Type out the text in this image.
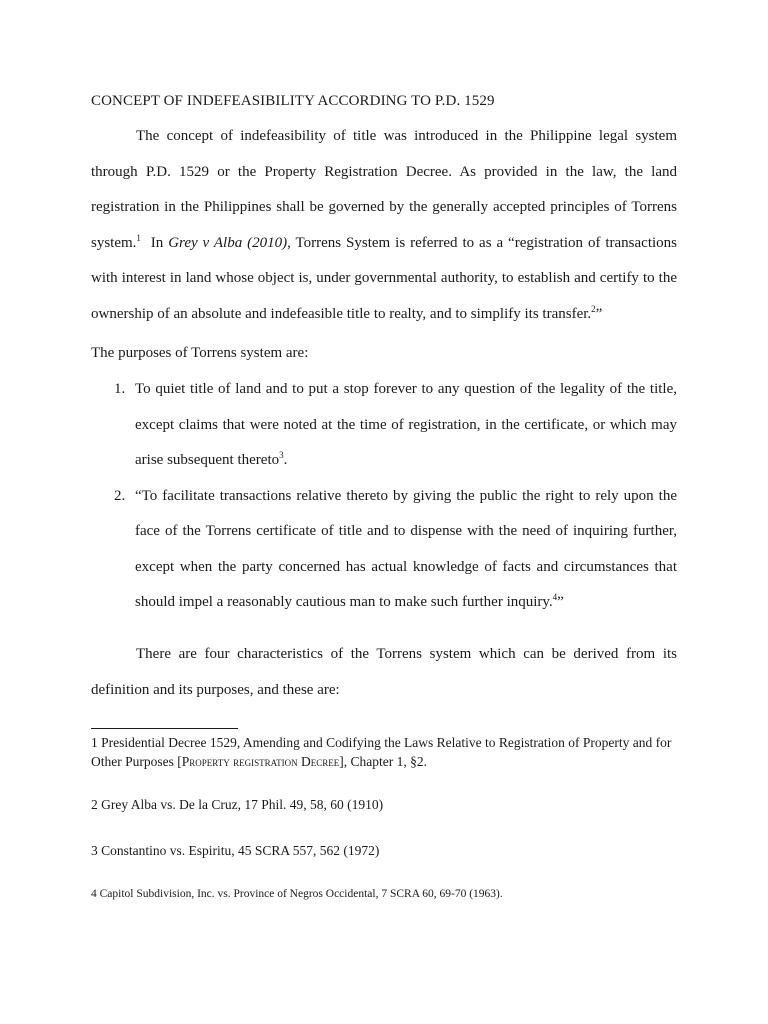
CONCEPT OF INDEFEASIBILITY ACCORDING TO P.D. 1529

The concept of indefeasibility of title was introduced in the Philippine legal system through P.D. 1529 or the Property Registration Decree. As provided in the law, the land registration in the Philippines shall be governed by the generally accepted principles of Torrens system.$^1$  In Grey v Alba (2010), Torrens System is referred to as a “registration of transactions with interest in land whose object is, under governmental authority, to establish and certify to the ownership of an absolute and indefeasible title to realty, and to simplify its transfer.$^2$”

The purposes of Torrens system are:

1. To quiet title of land and to put a stop forever to any question of the legality of the title, except claims that were noted at the time of registration, in the certificate, or which may arise subsequent thereto$^3$.
2. “To facilitate transactions relative thereto by giving the public the right to rely upon the face of the Torrens certificate of title and to dispense with the need of inquiring further, except when the party concerned has actual knowledge of facts and circumstances that should impel a reasonably cautious man to make such further inquiry.$^4$”

There are four characteristics of the Torrens system which can be derived from its definition and its purposes, and these are:

1 Presidential Decree 1529, Amending and Codifying the Laws Relative to Registration of Property and for Other Purposes [Property registration Decree], Chapter 1, §2.
2 Grey Alba vs. De la Cruz, 17 Phil. 49, 58, 60 (1910)
3 Constantino vs. Espiritu, 45 SCRA 557, 562 (1972)
4 Capitol Subdivision, Inc. vs. Province of Negros Occidental, 7 SCRA 60, 69-70 (1963).
